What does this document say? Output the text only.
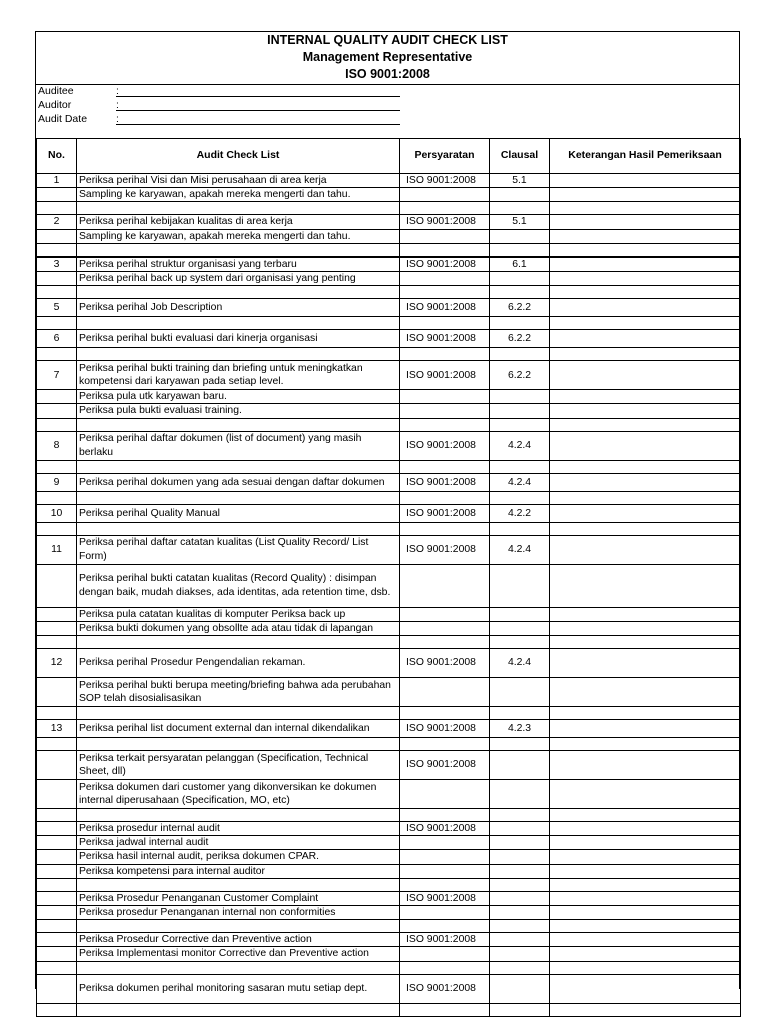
INTERNAL QUALITY AUDIT CHECK LIST
Management Representative
ISO 9001:2008
Auditee	:
Auditor	:
Audit Date	:
No.	Audit Check List	Persyaratan	Clausal	Keterangan Hasil Pemeriksaan
1	Periksa perihal Visi dan Misi perusahaan di area kerja	ISO 9001:2008	5.1	
	Sampling ke karyawan, apakah mereka mengerti dan tahu.			

2	Periksa perihal kebijakan kualitas di area kerja	ISO 9001:2008	5.1	
	Sampling ke karyawan, apakah mereka mengerti dan tahu.			

3	Periksa perihal struktur organisasi yang terbaru	ISO 9001:2008	6.1	
	Periksa perihal back up system dari organisasi yang penting			

5	Periksa perihal Job Description	ISO 9001:2008	6.2.2	

6	Periksa perihal bukti evaluasi dari kinerja organisasi	ISO 9001:2008	6.2.2	

7	Periksa perihal bukti training dan briefing untuk meningkatkan kompetensi dari karyawan pada setiap level.	ISO 9001:2008	6.2.2	
	Periksa pula utk karyawan baru.			
	Periksa pula bukti evaluasi training.			

8	Periksa perihal daftar dokumen (list of document) yang masih berlaku	ISO 9001:2008	4.2.4	

9	Periksa perihal dokumen yang ada sesuai dengan daftar dokumen	ISO 9001:2008	4.2.4	

10	Periksa perihal Quality Manual	ISO 9001:2008	4.2.2	

11	Periksa perihal daftar catatan kualitas (List Quality Record/ List Form)	ISO 9001:2008	4.2.4	
	Periksa perihal bukti catatan kualitas (Record Quality) : disimpan dengan baik, mudah diakses, ada identitas, ada retention time, dsb.			
	Periksa pula catatan kualitas di komputer Periksa back up			
	Periksa bukti dokumen yang obsollte ada atau tidak di lapangan			

12	Periksa perihal Prosedur Pengendalian rekaman.	ISO 9001:2008	4.2.4	
	Periksa perihal bukti berupa meeting/briefing bahwa ada perubahan SOP telah disosialisasikan			

13	Periksa perihal list document external dan internal dikendalikan	ISO 9001:2008	4.2.3	

	Periksa terkait persyaratan pelanggan (Specification, Technical Sheet, dll)	ISO 9001:2008		
	Periksa dokumen dari customer yang dikonversikan ke dokumen internal diperusahaan (Specification, MO, etc)			

	Periksa prosedur internal audit	ISO 9001:2008		
	Periksa jadwal internal audit			
	Periksa hasil internal audit, periksa dokumen CPAR.			
	Periksa kompetensi para internal auditor			

	Periksa Prosedur Penanganan Customer Complaint	ISO 9001:2008		
	Periksa prosedur Penanganan internal non conformities			

	Periksa Prosedur Corrective dan Preventive action	ISO 9001:2008		
	Periksa Implementasi monitor Corrective dan Preventive action			

	Periksa dokumen perihal monitoring sasaran mutu setiap dept.	ISO 9001:2008		
